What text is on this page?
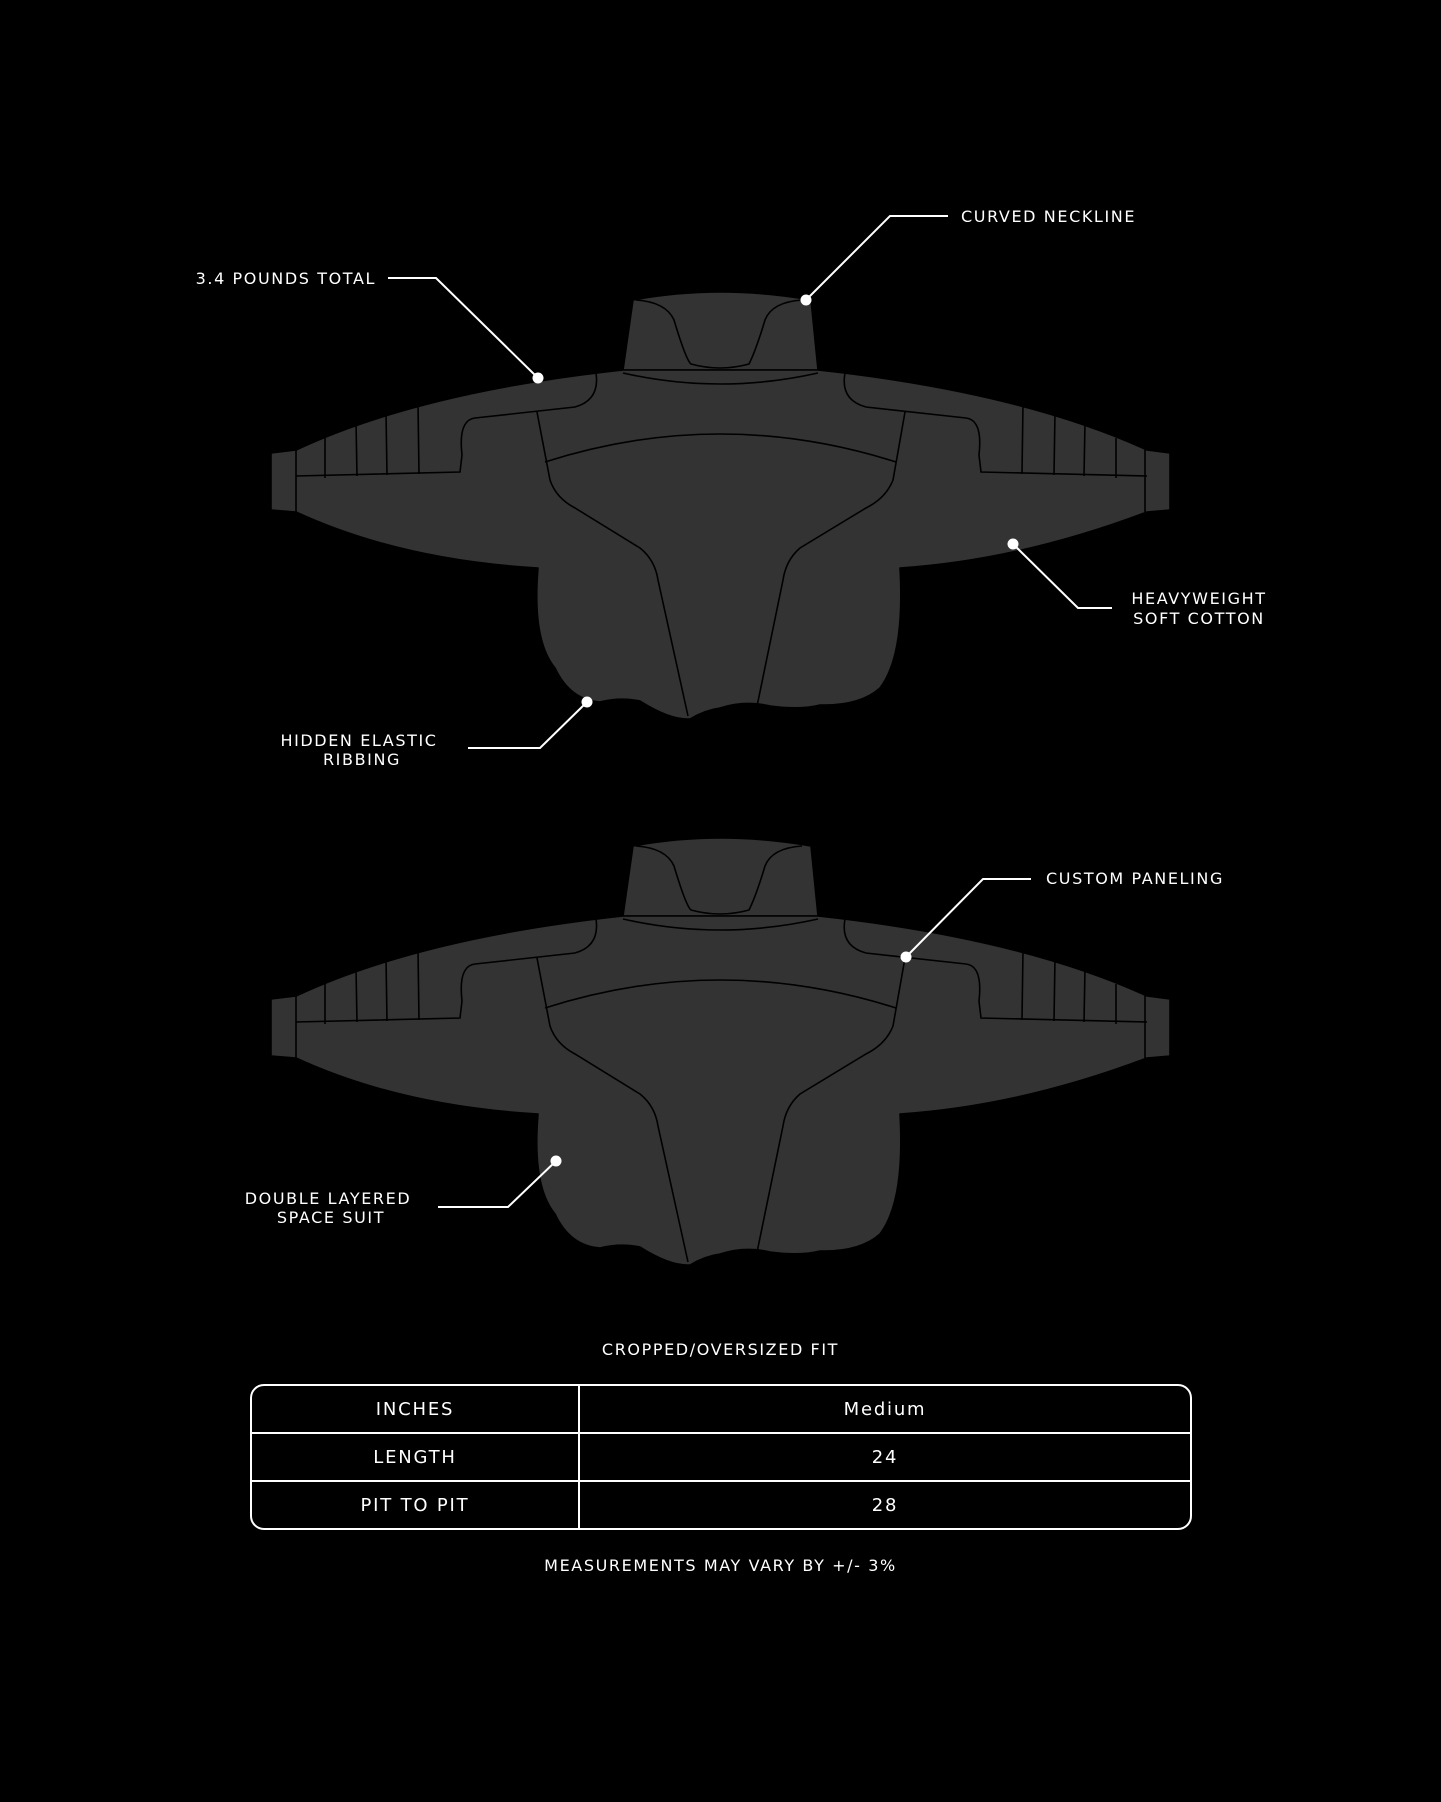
CURVED NECKLINE
3.4 POUNDS TOTAL
HEAVYWEIGHT
SOFT COTTON
HIDDEN ELASTIC
RIBBING
CUSTOM PANELING
DOUBLE LAYERED
SPACE SUIT
CROPPED/OVERSIZED FIT
INCHES	Medium
LENGTH	24
PIT TO PIT	28
MEASUREMENTS MAY VARY BY +/- 3%
